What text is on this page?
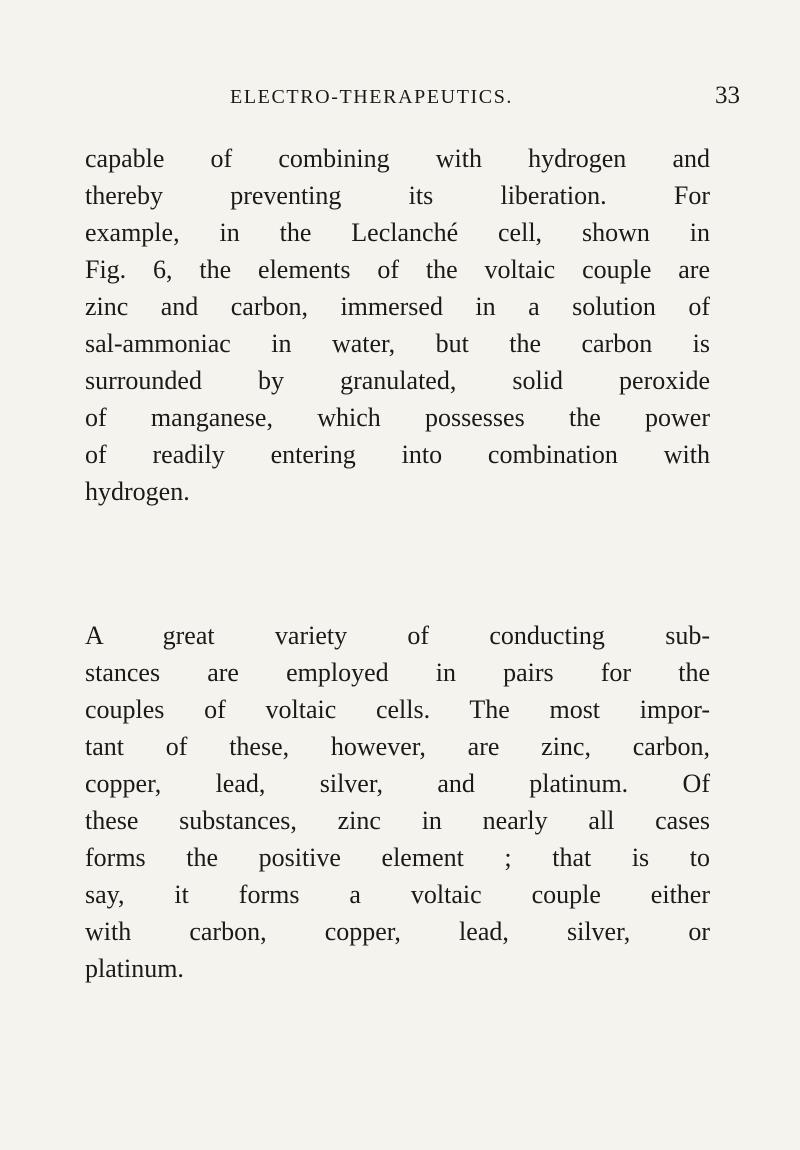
ELECTRO-THERAPEUTICS.	33
capable of combining with hydrogen and
thereby preventing its liberation. For
example, in the Leclanché cell, shown in
Fig. 6, the elements of the voltaic couple are
zinc and carbon, immersed in a solution of
sal-ammoniac in water, but the carbon is
surrounded by granulated, solid peroxide
of manganese, which possesses the power
of readily entering into combination with
hydrogen.
A great variety of conducting sub-
stances are employed in pairs for the
couples of voltaic cells. The most impor-
tant of these, however, are zinc, carbon,
copper, lead, silver, and platinum. Of
these substances, zinc in nearly all cases
forms the positive element ; that is to
say, it forms a voltaic couple either
with carbon, copper, lead, silver, or
platinum.
